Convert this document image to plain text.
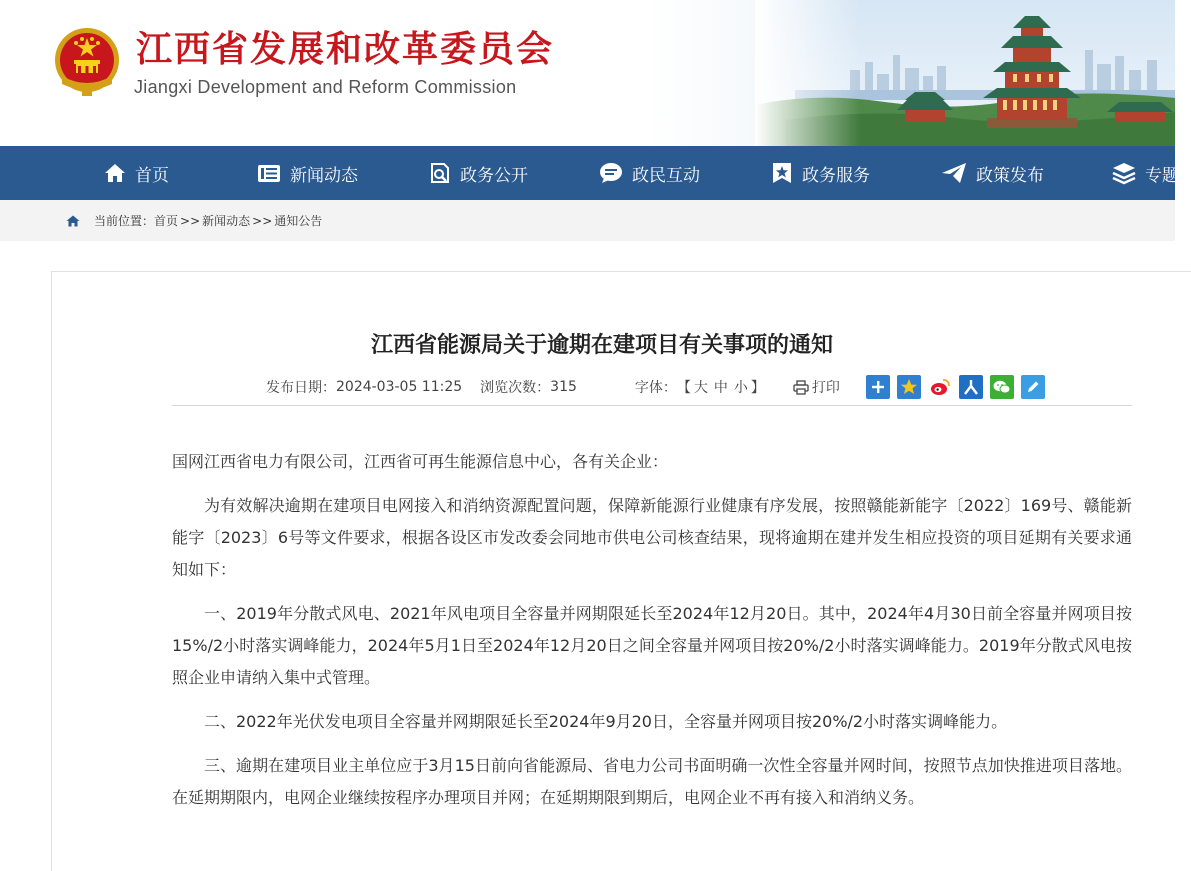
江西省发展和改革委员会
Jiangxi Development and Reform Commission
首页	新闻动态	政务公开	政民互动	政务服务	政策发布	专题
当前位置： 首页 >> 新闻动态 >> 通知公告
江西省能源局关于逾期在建项目有关事项的通知
发布日期： 2024-03-05 11:25 浏览次数： 315	字体： 【 大 中 小 】	打印

国网江西省电力有限公司，江西省可再生能源信息中心，各有关企业：

为有效解决逾期在建项目电网接入和消纳资源配置问题，保障新能源行业健康有序发展，按照赣能新能字〔2022〕169号、赣能新能字〔2023〕6号等文件要求，根据各设区市发改委会同地市供电公司核查结果，现将逾期在建并发生相应投资的项目延期有关要求通知如下：

一、2019年分散式风电、2021年风电项目全容量并网期限延长至2024年12月20日。其中，2024年4月30日前全容量并网项目按15%/2小时落实调峰能力，2024年5月1日至2024年12月20日之间全容量并网项目按20%/2小时落实调峰能力。2019年分散式风电按照企业申请纳入集中式管理。

二、2022年光伏发电项目全容量并网期限延长至2024年9月20日，全容量并网项目按20%/2小时落实调峰能力。

三、逾期在建项目业主单位应于3月15日前向省能源局、省电力公司书面明确一次性全容量并网时间，按照节点加快推进项目落地。在延期期限内，电网企业继续按程序办理项目并网；在延期期限到期后，电网企业不再有接入和消纳义务。
